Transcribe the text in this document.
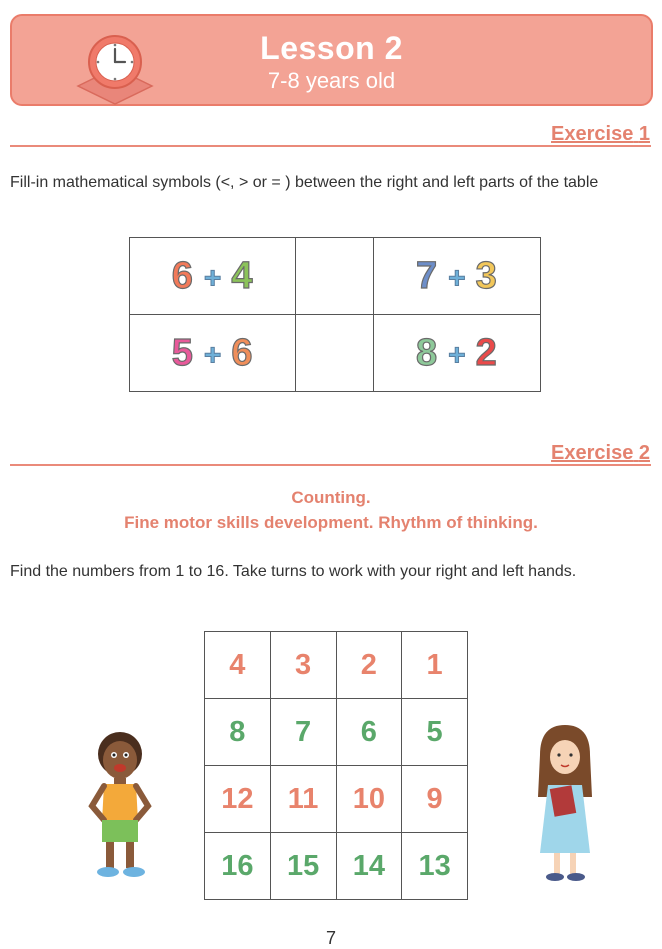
Lesson 2
7-8 years old
Exercise 1
Fill-in mathematical symbols (<, > or = ) between the right and left parts of the table
6 + 4		7 + 3
5 + 6		8 + 2
Exercise 2
Counting.
Fine motor skills development. Rhythm of thinking.
Find the numbers from 1 to 16. Take turns to work with your right and left hands.
4	3	2	1
8	7	6	5
12	11	10	9
16	15	14	13
7
